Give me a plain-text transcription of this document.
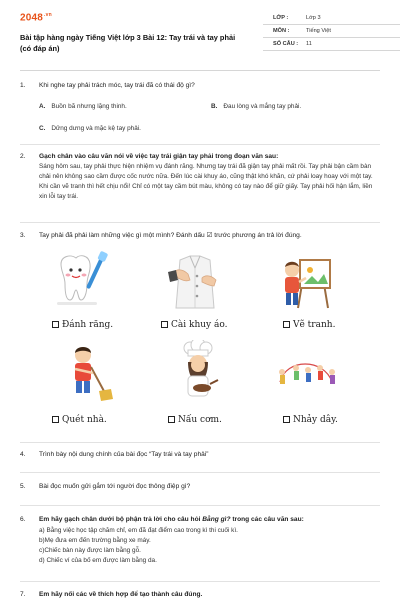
$2048^{.vn}$
Bài tập hàng ngày Tiếng Việt lớp 3 Bài 12: Tay trái và tay phải (có đáp án)
LỚP :	Lớp 3
MÔN :	Tiếng Việt
SỐ CÂU : 11
1.	Khi nghe tay phải trách móc, tay trái đã có thái độ gì?
A. Buồn bã nhưng lặng thinh.	B. Đau lòng và mắng tay phải.
C. Dửng dưng và mặc kệ tay phải.
2.	Gạch chân vào câu văn nói về việc tay trái giận tay phải trong đoạn văn sau:
Sáng hôm sau, tay phải thực hiện nhiệm vụ đánh răng. Nhưng tay trái đã giận tay phải mất rồi. Tay phải bận cầm bàn chải nên không sao cầm được cốc nước nữa. Đến lúc cài khuy áo, cũng thật khó khăn, cứ phải loay hoay với một tay. Khi cần vẽ tranh thì hết chịu nổi! Chỉ có một tay cầm bút màu, không có tay nào để giữ giấy. Tay phải hối hận lắm, liền xin lỗi tay trái.
3.	Tay phải đã phải làm những việc gì một mình? Đánh dấu ☑ trước phương án trả lời đúng.
Đánh răng.	Cài khuy áo.	Vẽ tranh.
Quét nhà.	Nấu cơm.	Nhảy dây.
4.	Trình bày nội dung chính của bài đọc “Tay trái và tay phải”
5.	Bài đọc muốn gửi gắm tới người đọc thông điệp gì?
6.	Em hãy gạch chân dưới bộ phận trả lời cho câu hỏi Bằng gì? trong các câu văn sau:
a) Bằng việc học tập chăm chỉ, em đã đạt điểm cao trong kì thi cuối kì.
b)Mẹ đưa em đến trường bằng xe máy.
c)Chiếc bàn này được làm bằng gỗ.
d) Chiếc ví của bố em được làm bằng da.
7.	Em hãy nối các về thích hợp để tạo thành câu đúng.
